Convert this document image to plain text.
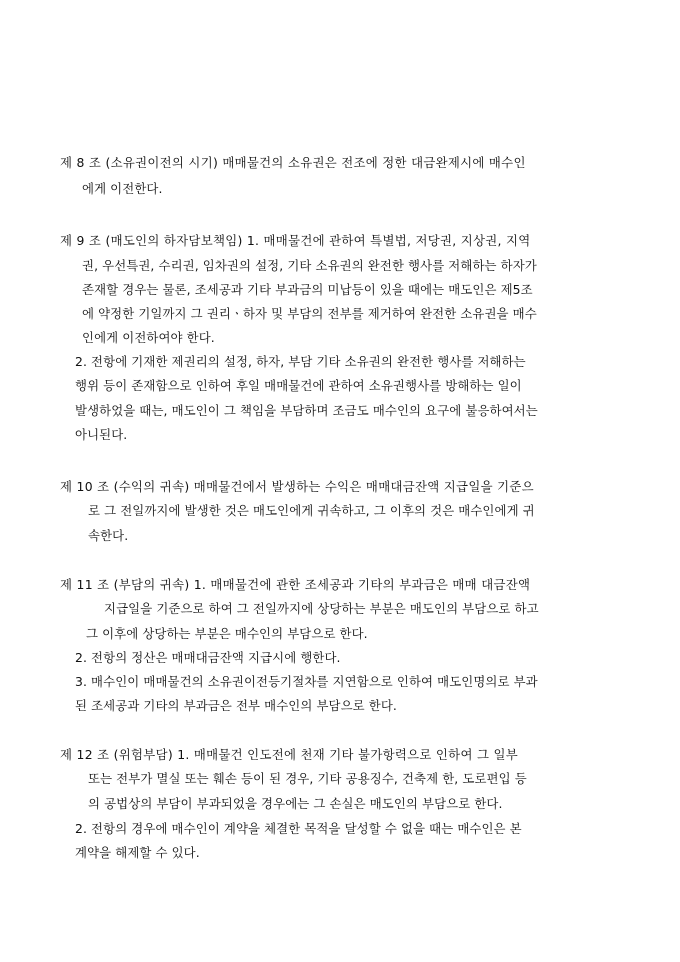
제 8 조 (소유권이전의 시기) 매매물건의 소유권은 전조에 정한 대금완제시에 매수인

에게 이전한다.

제 9 조 (매도인의 하자담보책임) 1. 매매물건에 관하여 특별법, 저당권, 지상권, 지역

권, 우선특권, 수리권, 임차권의 설정, 기타 소유권의 완전한 행사를 저해하는 하자가

존재할 경우는 물론, 조세공과 기타 부과금의 미납등이 있을 때에는 매도인은 제5조

에 약정한 기일까지 그 권리ㆍ하자 및 부담의 전부를 제거하여 완전한 소유권을 매수

인에게 이전하여야 한다.

2. 전항에 기재한 제권리의 설정, 하자, 부담 기타 소유권의 완전한 행사를 저해하는

행위 등이 존재함으로 인하여 후일 매매물건에 관하여 소유권행사를 방해하는 일이

발생하었을 때는, 매도인이 그 책임을 부담하며 조금도 매수인의 요구에 불응하여서는

아니된다.

제 10 조 (수익의 귀속) 매매물건에서 발생하는 수익은 매매대금잔액 지급일을 기준으

로 그 전일까지에 발생한 것은 매도인에게 귀속하고, 그 이후의 것은 매수인에게 귀

속한다.

제 11 조 (부담의 귀속) 1. 매매물건에 관한 조세공과 기타의 부과금은 매매 대금잔액

지급일을 기준으로 하여 그 전일까지에 상당하는 부분은 매도인의 부담으로 하고

그 이후에 상당하는 부분은 매수인의 부담으로 한다.

2. 전항의 정산은 매매대금잔액 지급시에 행한다.

3. 매수인이 매매물건의 소유권이전등기절차를 지연함으로 인하여 매도인명의로 부과

된 조세공과 기타의 부과금은 전부 매수인의 부담으로 한다.

제 12 조 (위험부담) 1. 매매물건 인도전에 천재 기타 불가항력으로 인하여 그 일부

또는 전부가 멸실 또는 훼손 등이 된 경우, 기타 공용징수, 건축제 한, 도로편입 등

의 공법상의 부담이 부과되었을 경우에는 그 손실은 매도인의 부담으로 한다.

2. 전항의 경우에 매수인이 계약을 체결한 목적을 달성할 수 없을 때는 매수인은 본

계약을 해제할 수 있다.
